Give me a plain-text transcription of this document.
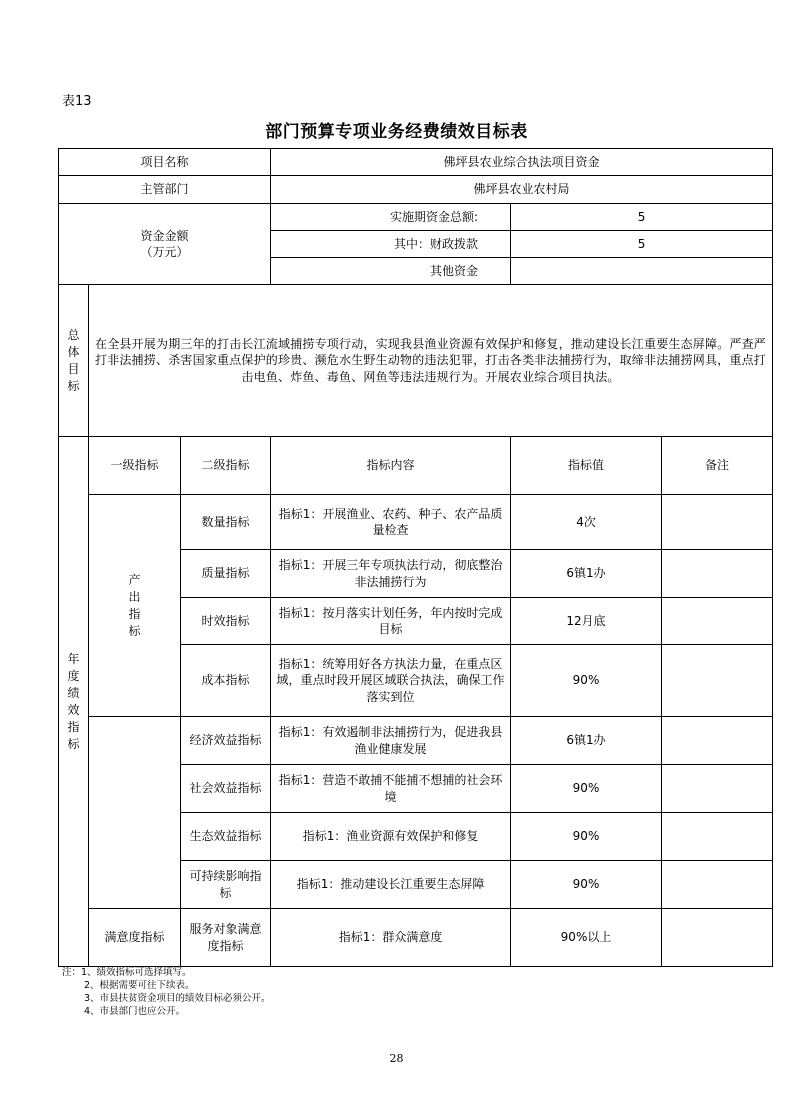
表13
部门预算专项业务经费绩效目标表
项目名称			佛坪县农业综合执法项目资金		
主管部门			佛坪县农业农村局		
资金金额
（万元）			实施期资金总额:	5	
			其中：财政拨款	5	
			其他资金		
总体目标	在全县开展为期三年的打击长江流域捕捞专项行动，实现我县渔业资源有效保护和修复，推动建设长江重要生态屏障。严查严打非法捕捞、杀害国家重点保护的珍贵、濒危水生野生动物的违法犯罪，打击各类非法捕捞行为，取缔非法捕捞网具，重点打击电鱼、炸鱼、毒鱼、网鱼等违法违规行为。开展农业综合项目执法。				
年度绩效指标	一级指标	二级指标	指标内容	指标值	备注
	产出指标	数量指标	指标1：开展渔业、农药、种子、农产品质量检查	4次	
		质量指标	指标1：开展三年专项执法行动，彻底整治非法捕捞行为	6镇1办	
		时效指标	指标1：按月落实计划任务，年内按时完成目标	12月底	
		成本指标	指标1：统筹用好各方执法力量，在重点区域，重点时段开展区域联合执法，确保工作落实到位	90%	
		经济效益指标	指标1：有效遏制非法捕捞行为，促进我县渔业健康发展	6镇1办	
		社会效益指标	指标1：营造不敢捕不能捕不想捕的社会环境	90%	
		生态效益指标	指标1：渔业资源有效保护和修复	90%	
		可持续影响指标	指标1：推动建设长江重要生态屏障	90%	
	满意度指标	服务对象满意度指标	指标1：群众满意度	90%以上	
注：1、绩效指标可选择填写。
2、根据需要可往下续表。
3、市县扶贫资金项目的绩效目标必须公开。
4、市县部门也应公开。
28
